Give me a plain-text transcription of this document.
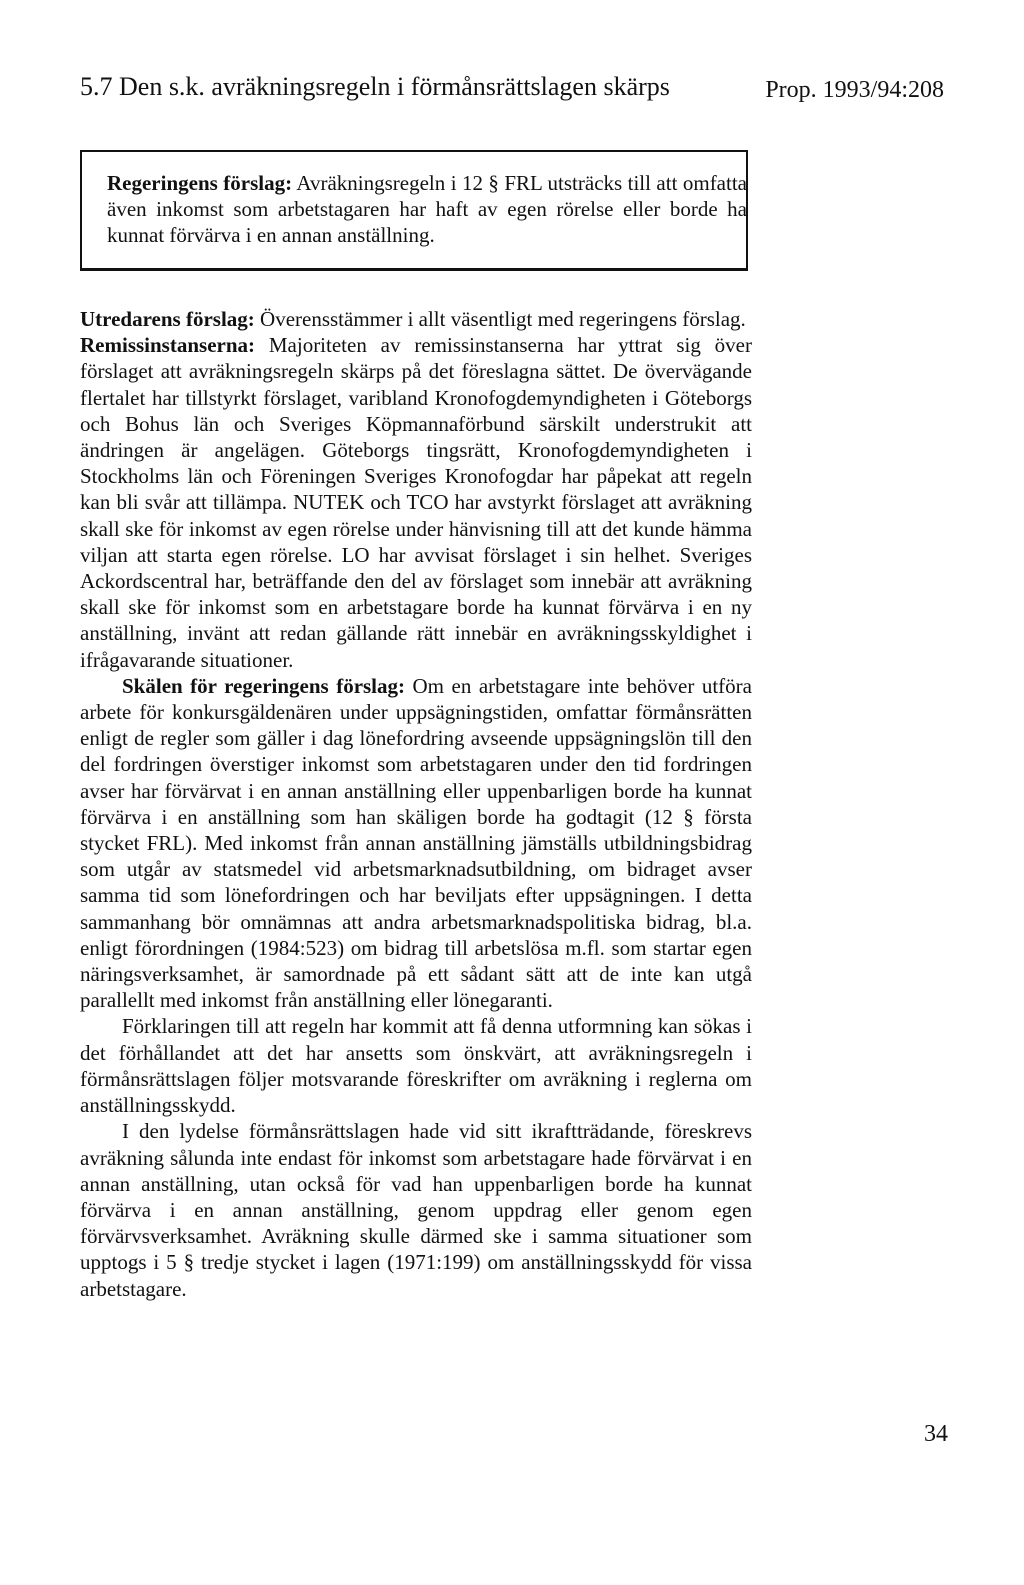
5.7 Den s.k. avräkningsregeln i förmånsrättslagen skärps	Prop. 1993/94:208
Regeringens förslag: Avräkningsregeln i 12 § FRL utsträcks till att omfatta även inkomst som arbetstagaren har haft av egen rörelse eller borde ha kunnat förvärva i en annan anställning.

Utredarens förslag: Överensstämmer i allt väsentligt med regeringens förslag.

Remissinstanserna: Majoriteten av remissinstanserna har yttrat sig över förslaget att avräkningsregeln skärps på det föreslagna sättet. De övervägande flertalet har tillstyrkt förslaget, varibland Kronofogdemyndigheten i Göteborgs och Bohus län och Sveriges Köpmannaförbund särskilt understrukit att ändringen är angelägen. Göteborgs tingsrätt, Kronofogdemyndigheten i Stockholms län och Föreningen Sveriges Kronofogdar har påpekat att regeln kan bli svår att tillämpa. NUTEK och TCO har avstyrkt förslaget att avräkning skall ske för inkomst av egen rörelse under hänvisning till att det kunde hämma viljan att starta egen rörelse. LO har avvisat förslaget i sin helhet. Sveriges Ackordscentral har, beträffande den del av förslaget som innebär att avräkning skall ske för inkomst som en arbetstagare borde ha kunnat förvärva i en ny anställning, invänt att redan gällande rätt innebär en avräkningsskyldighet i ifrågavarande situationer.

Skälen för regeringens förslag: Om en arbetstagare inte behöver utföra arbete för konkursgäldenären under uppsägningstiden, omfattar förmånsrätten enligt de regler som gäller i dag lönefordring avseende uppsägningslön till den del fordringen överstiger inkomst som arbetstagaren under den tid fordringen avser har förvärvat i en annan anställning eller uppenbarligen borde ha kunnat förvärva i en anställning som han skäligen borde ha godtagit (12 § första stycket FRL). Med inkomst från annan anställning jämställs utbildningsbidrag som utgår av statsmedel vid arbetsmarknadsutbildning, om bidraget avser samma tid som lönefordringen och har beviljats efter uppsägningen. I detta sammanhang bör omnämnas att andra arbetsmarknadspolitiska bidrag, bl.a. enligt förordningen (1984:523) om bidrag till arbetslösa m.fl. som startar egen näringsverksamhet, är samordnade på ett sådant sätt att de inte kan utgå parallellt med inkomst från anställning eller lönegaranti.

Förklaringen till att regeln har kommit att få denna utformning kan sökas i det förhållandet att det har ansetts som önskvärt, att avräkningsregeln i förmånsrättslagen följer motsvarande föreskrifter om avräkning i reglerna om anställningsskydd.

I den lydelse förmånsrättslagen hade vid sitt ikraftträdande, föreskrevs avräkning sålunda inte endast för inkomst som arbetstagare hade förvärvat i en annan anställning, utan också för vad han uppenbarligen borde ha kunnat förvärva i en annan anställning, genom uppdrag eller genom egen förvärvsverksamhet. Avräkning skulle därmed ske i samma situationer som upptogs i 5 § tredje stycket i lagen (1971:199) om anställningsskydd för vissa arbetstagare.

34
